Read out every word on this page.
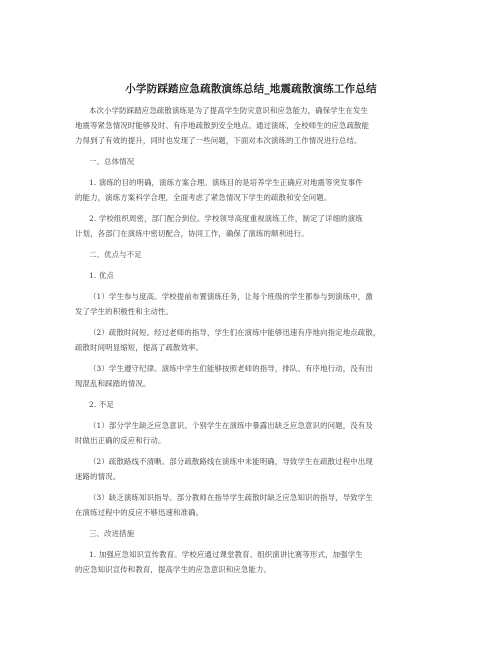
小学防踩踏应急疏散演练总结_地震疏散演练工作总结
本次小学防踩踏应急疏散演练是为了提高学生防灾意识和应急能力，确保学生在发生
地震等紧急情况时能够及时、有序地疏散到安全地点。通过演练，全校师生的应急疏散能
力得到了有效的提升，同时也发现了一些问题，下面对本次演练的工作情况进行总结。
一、总体情况
1. 演练的目的明确，演练方案合理。演练目的是培养学生正确应对地震等突发事件
的能力，演练方案科学合理，全面考虑了紧急情况下学生的疏散和安全问题。
2. 学校组织周密，部门配合到位。学校领导高度重视演练工作，制定了详细的演练
计划，各部门在演练中密切配合，协同工作，确保了演练的顺利进行。
二、优点与不足
1. 优点
（1）学生参与度高。学校提前布置演练任务，让每个班级的学生都参与到演练中，激
发了学生的积极性和主动性。
（2）疏散时间短。经过老师的指导，学生们在演练中能够迅速有序地向指定地点疏散，
疏散时间明显缩短，提高了疏散效率。
（3）学生遵守纪律。演练中学生们能够按照老师的指导，排队、有序地行动，没有出
现混乱和踩踏的情况。
2. 不足
（1）部分学生缺乏应急意识。个别学生在演练中暴露出缺乏应急意识的问题，没有及
时做出正确的反应和行动。
（2）疏散路线不清晰。部分疏散路线在演练中未能明确，导致学生在疏散过程中出现
迷路的情况。
（3）缺乏演练知识指导。部分教师在指导学生疏散时缺乏应急知识的指导，导致学生
在演练过程中的反应不够迅速和准确。
三、改进措施
1. 加强应急知识宣传教育。学校应通过课堂教育、组织演讲比赛等形式，加强学生
的应急知识宣传和教育，提高学生的应急意识和应急能力。
